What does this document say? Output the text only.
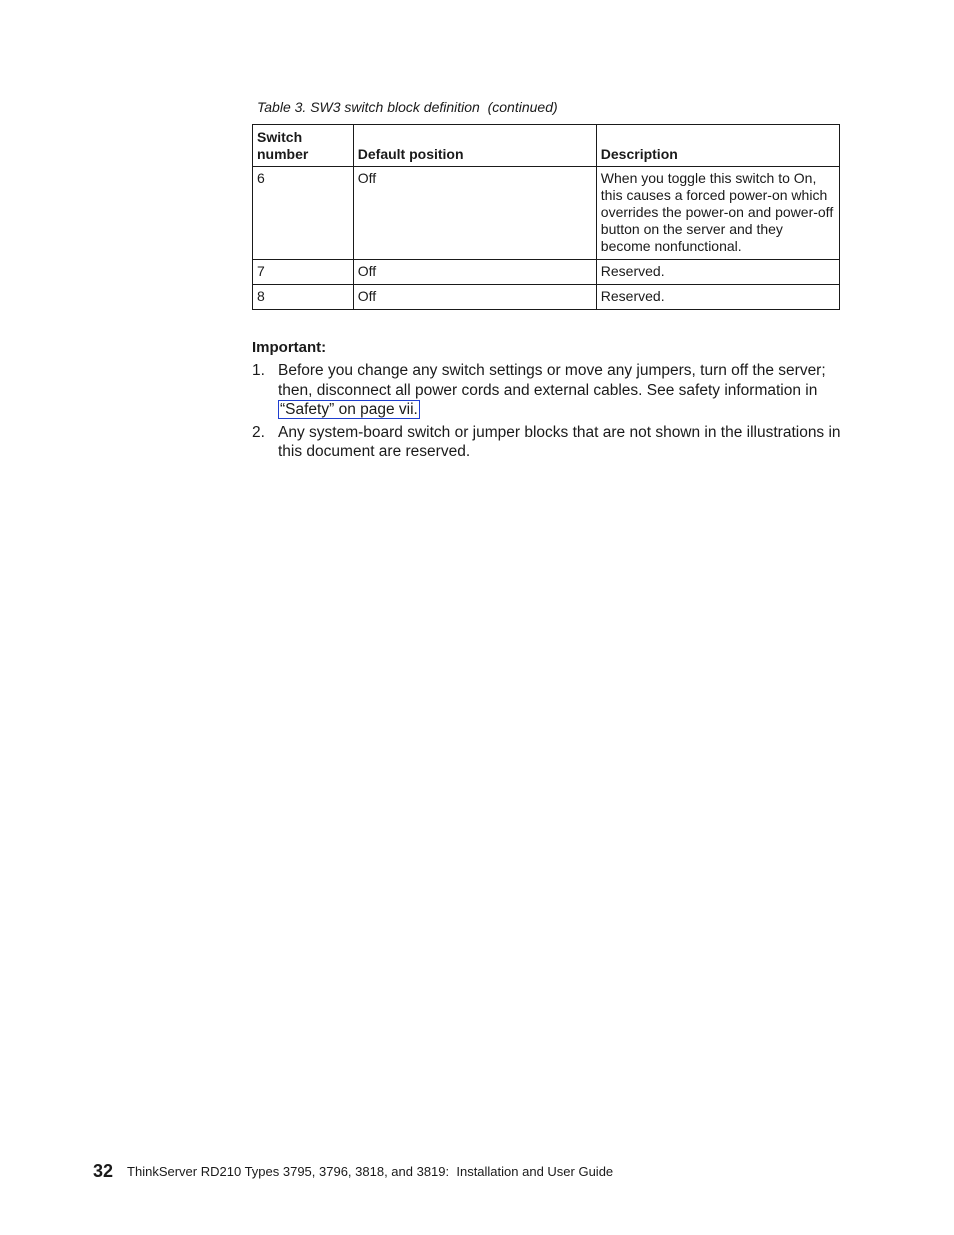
Table 3. SW3 switch block definition  (continued)
Switch
number	Default position	Description
6	Off	When you toggle this switch to On, this causes a forced power-on which overrides the power-on and power-off button on the server and they become nonfunctional.
7	Off	Reserved.
8	Off	Reserved.
Important:
1. Before you change any switch settings or move any jumpers, turn off the server; then, disconnect all power cords and external cables. See safety information in “Safety” on page vii.
2. Any system-board switch or jumper blocks that are not shown in the illustrations in this document are reserved.
32 ThinkServer RD210 Types 3795, 3796, 3818, and 3819:  Installation and User Guide
